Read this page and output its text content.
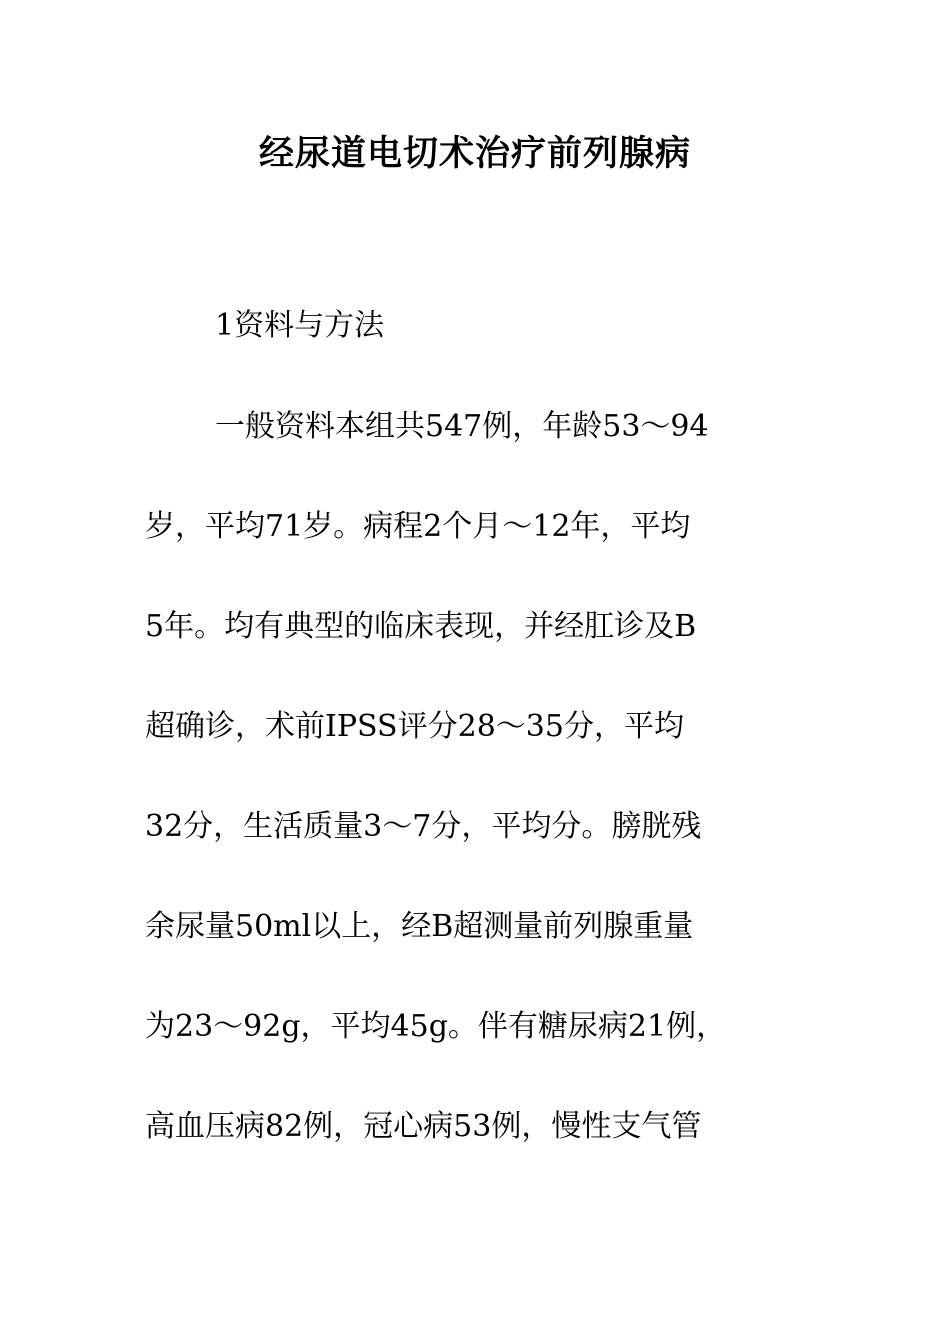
经尿道电切术治疗前列腺病
1资料与方法
一般资料本组共547例，年龄53～94
岁，平均71岁。病程2个月～12年，平均
5年。均有典型的临床表现，并经肛诊及B
超确诊，术前IPSS评分28～35分，平均
32分，生活质量3～7分，平均分。膀胱残
余尿量50ml以上，经B超测量前列腺重量
为23～92g，平均45g。伴有糖尿病21例，
高血压病82例，冠心病53例，慢性支气管
